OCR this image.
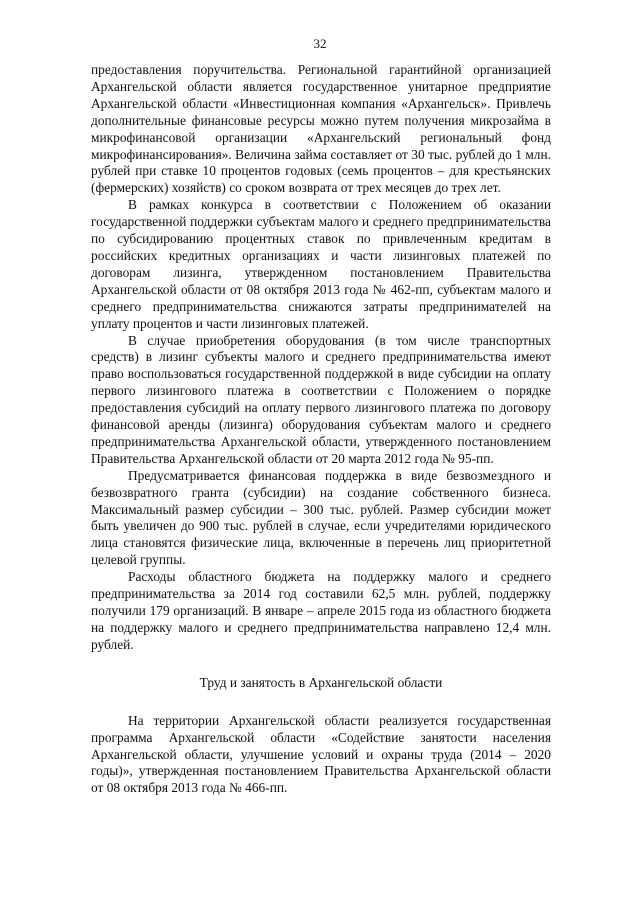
32

предоставления поручительства. Региональной гарантийной организацией Архангельской области является государственное унитарное предприятие Архангельской области «Инвестиционная компания «Архангельск». Привлечь дополнительные финансовые ресурсы можно путем получения микрозайма в микрофинансовой организации «Архангельский региональный фонд микрофинансирования». Величина займа составляет от 30 тыс. рублей до 1 млн. рублей при ставке 10 процентов годовых (семь процентов – для крестьянских (фермерских) хозяйств) со сроком возврата от трех месяцев до трех лет.

В рамках конкурса в соответствии с Положением об оказании государственной поддержки субъектам малого и среднего предпринимательства по субсидированию процентных ставок по привлеченным кредитам в российских кредитных организациях и части лизинговых платежей по договорам лизинга, утвержденном постановлением Правительства Архангельской области от 08 октября 2013 года № 462-пп, субъектам малого и среднего предпринимательства снижаются затраты предпринимателей на уплату процентов и части лизинговых платежей.

В случае приобретения оборудования (в том числе транспортных средств) в лизинг субъекты малого и среднего предпринимательства имеют право воспользоваться государственной поддержкой в виде субсидии на оплату первого лизингового платежа в соответствии с Положением о порядке предоставления субсидий на оплату первого лизингового платежа по договору финансовой аренды (лизинга) оборудования субъектам малого и среднего предпринимательства Архангельской области, утвержденного постановлением Правительства Архангельской области от 20 марта 2012 года № 95-пп.

Предусматривается финансовая поддержка в виде безвозмездного и безвозвратного гранта (субсидии) на создание собственного бизнеса. Максимальный размер субсидии – 300 тыс. рублей. Размер субсидии может быть увеличен до 900 тыс. рублей в случае, если учредителями юридического лица становятся физические лица, включенные в перечень лиц приоритетной целевой группы.

Расходы областного бюджета на поддержку малого и среднего предпринимательства за 2014 год составили 62,5 млн. рублей, поддержку получили 179 организаций. В январе – апреле 2015 года из областного бюджета на поддержку малого и среднего предпринимательства направлено 12,4 млн. рублей.

Труд и занятость в Архангельской области

На территории Архангельской области реализуется государственная программа Архангельской области «Содействие занятости населения Архангельской области, улучшение условий и охраны труда (2014 – 2020 годы)», утвержденная постановлением Правительства Архангельской области от 08 октября 2013 года № 466-пп.
